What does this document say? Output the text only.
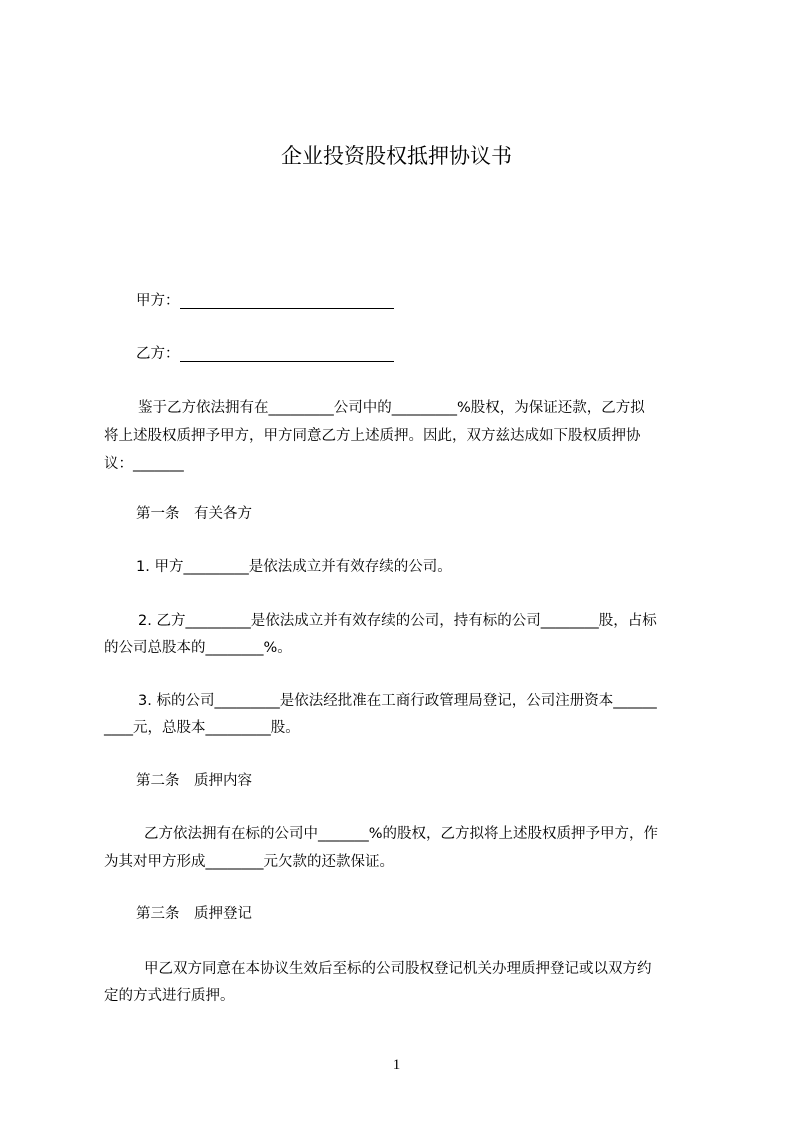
企业投资股权抵押协议书
甲方：
乙方：
鉴于乙方依法拥有在_________公司中的_________%股权，为保证还款，乙方拟
将上述股权质押予甲方，甲方同意乙方上述质押。因此，双方兹达成如下股权质押协
议：_______
第一条　有关各方
1. 甲方_________是依法成立并有效存续的公司。
2. 乙方_________是依法成立并有效存续的公司，持有标的公司________股，占标
的公司总股本的________%。
3. 标的公司_________是依法经批准在工商行政管理局登记，公司注册资本______
____元，总股本_________股。
第二条　质押内容
乙方依法拥有在标的公司中_______%的股权，乙方拟将上述股权质押予甲方，作
为其对甲方形成________元欠款的还款保证。
第三条　质押登记
甲乙双方同意在本协议生效后至标的公司股权登记机关办理质押登记或以双方约
定的方式进行质押。
1
